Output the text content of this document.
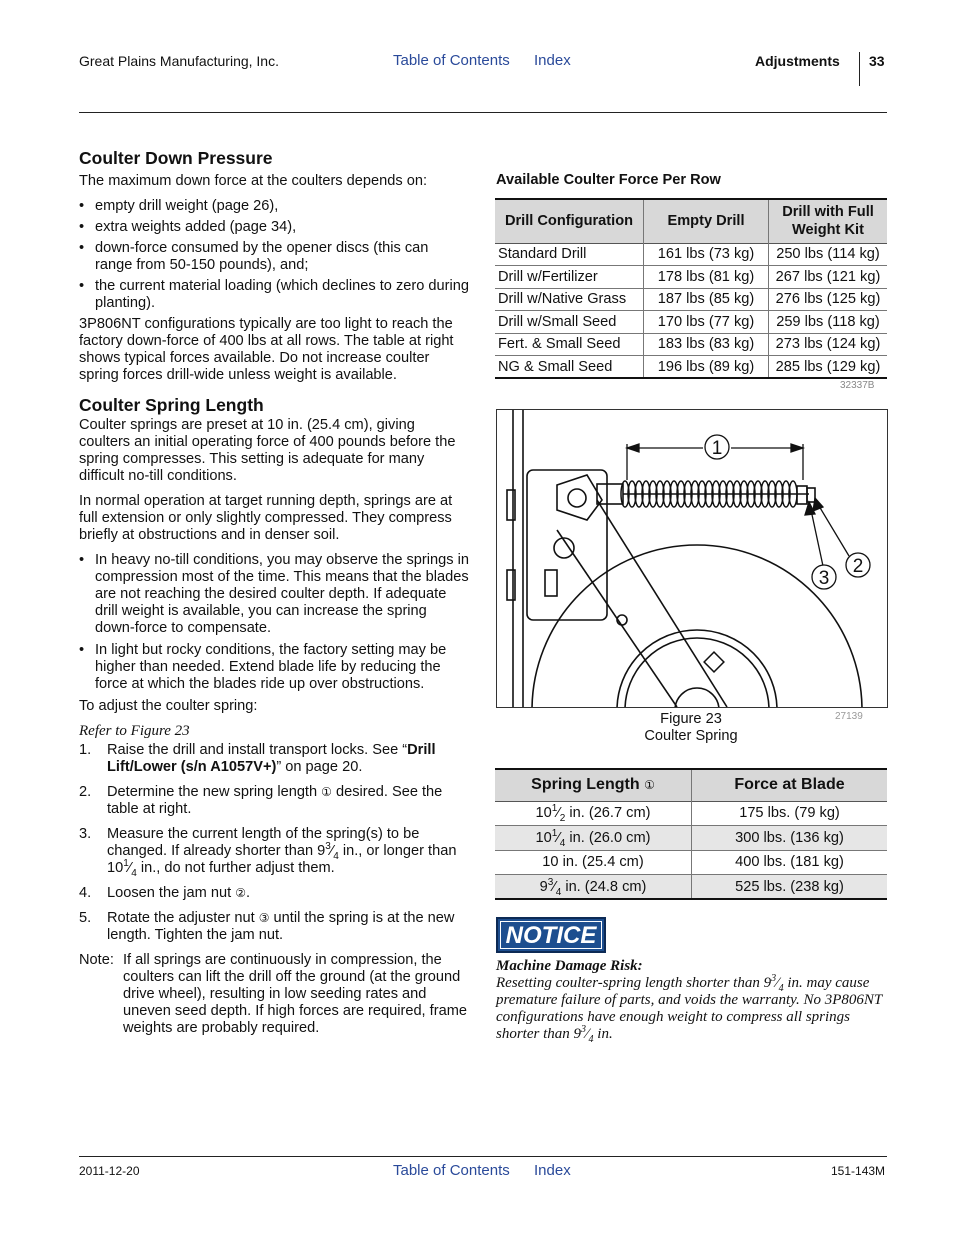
Great Plains Manufacturing, Inc.	Table of Contents Index	Adjustments 33
Coulter Down Pressure

The maximum down force at the coulters depends on:

• empty drill weight (page 26),
• extra weights added (page 34),
• down-force consumed by the opener discs (this can range from 50-150 pounds), and;
• the current material loading (which declines to zero during planting).

3P806NT configurations typically are too light to reach the factory down-force of 400 lbs at all rows. The table at right shows typical forces available. Do not increase coulter spring forces drill-wide unless weight is available.

Coulter Spring Length

Coulter springs are preset at 10 in. (25.4 cm), giving coulters an initial operating force of 400 pounds before the spring compresses. This setting is adequate for many difficult no-till conditions.

In normal operation at target running depth, springs are at full extension or only slightly compressed. They compress briefly at obstructions and in denser soil.

• In heavy no-till conditions, you may observe the springs in compression most of the time. This means that the blades are not reaching the desired coulter depth. If adequate drill weight is available, you can increase the spring down-force to compensate.
• In light but rocky conditions, the factory setting may be higher than needed. Extend blade life by reducing the force at which the blades ride up over obstructions.

To adjust the coulter spring:

Refer to Figure 23

1. Raise the drill and install transport locks. See “Drill Lift/Lower (s/n A1057V+)” on page 20.
2. Determine the new spring length ① desired. See the table at right.
3. Measure the current length of the spring(s) to be changed. If already shorter than $9^3⁄_4$ in., or longer than $10^1⁄_4$ in., do not further adjust them.
4. Loosen the jam nut ②.
5. Rotate the adjuster nut ③ until the spring is at the new length. Tighten the jam nut.
Note: If all springs are continuously in compression, the coulters can lift the drill off the ground (at the ground drive wheel), resulting in low seeding rates and uneven seed depth. If high forces are required, frame weights are probably required.
Available Coulter Force Per Row
Drill Configuration	Empty Drill	Drill with Full Weight Kit
Standard Drill	161 lbs (73 kg)	250 lbs (114 kg)
Drill w/Fertilizer	178 lbs (81 kg)	267 lbs (121 kg)
Drill w/Native Grass	187 lbs (85 kg)	276 lbs (125 kg)
Drill w/Small Seed	170 lbs (77 kg)	259 lbs (118 kg)
Fert. & Small Seed	183 lbs (83 kg)	273 lbs (124 kg)
NG & Small Seed	196 lbs (89 kg)	285 lbs (129 kg)
32337B
1
2
3
Figure 23
Coulter Spring
27139
Spring Length ①	Force at Blade
$10^1⁄_2$ in. (26.7 cm)	175 lbs. (79 kg)
$10^1⁄_4$ in. (26.0 cm)	300 lbs. (136 kg)
10 in. (25.4 cm)	400 lbs. (181 kg)
$9^3⁄_4$ in. (24.8 cm)	525 lbs. (238 kg)
NOTICE
Machine Damage Risk:
Resetting coulter-spring length shorter than $9^3⁄_4$ in. may cause premature failure of parts, and voids the warranty. No 3P806NT configurations have enough weight to compress all springs shorter than $9^3⁄_4$ in.
2011-12-20	Table of Contents Index	151-143M
